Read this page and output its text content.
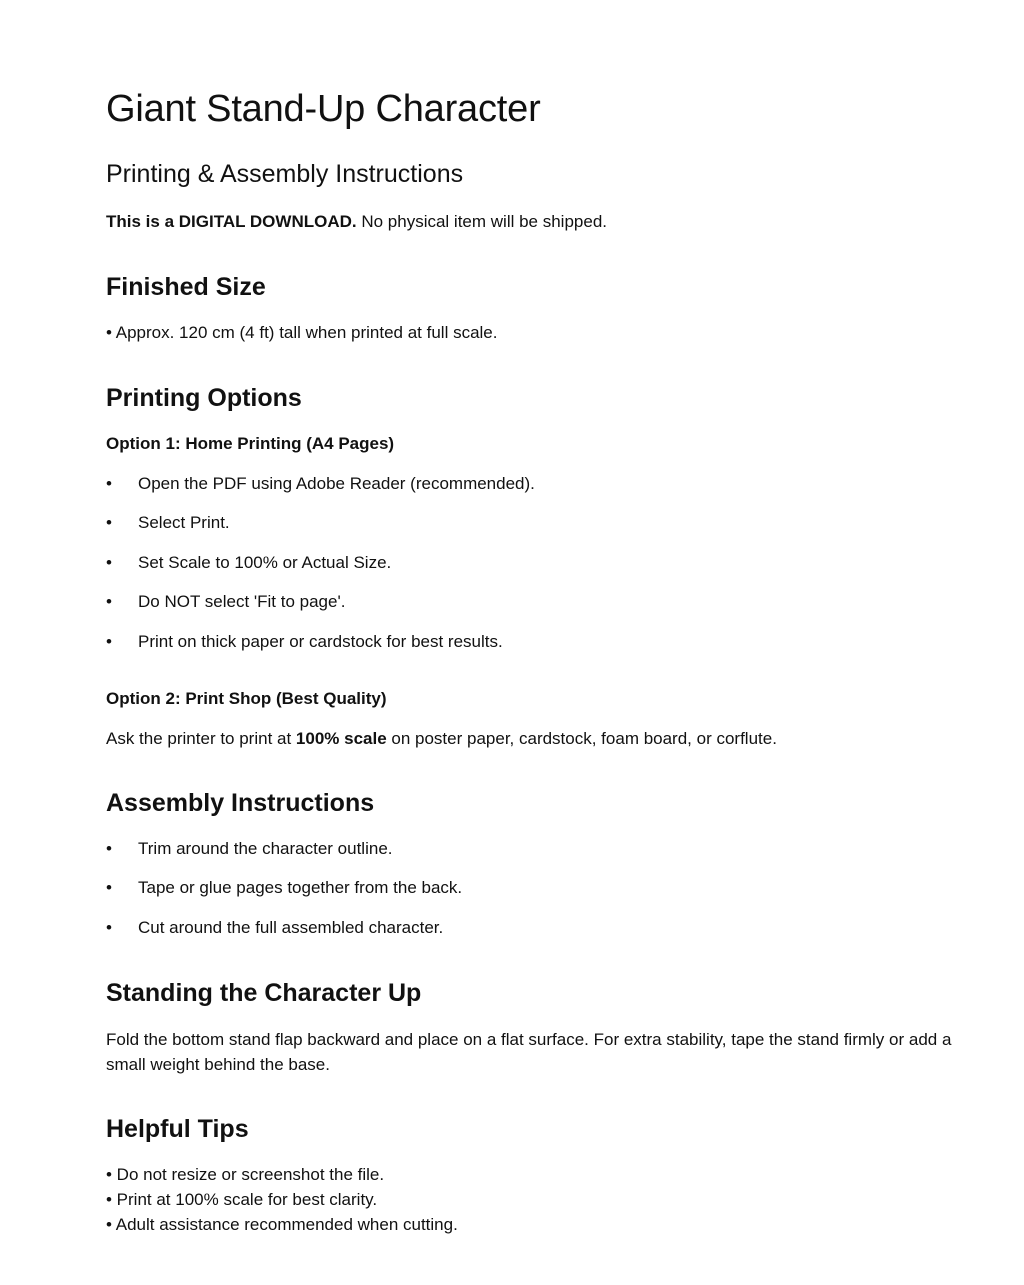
Giant Stand-Up Character
Printing & Assembly Instructions
This is a DIGITAL DOWNLOAD. No physical item will be shipped.
Finished Size
• Approx. 120 cm (4 ft) tall when printed at full scale.
Printing Options
Option 1: Home Printing (A4 Pages)
• Open the PDF using Adobe Reader (recommended).
• Select Print.
• Set Scale to 100% or Actual Size.
• Do NOT select 'Fit to page'.
• Print on thick paper or cardstock for best results.
Option 2: Print Shop (Best Quality)
Ask the printer to print at 100% scale on poster paper, cardstock, foam board, or corflute.
Assembly Instructions
• Trim around the character outline.
• Tape or glue pages together from the back.
• Cut around the full assembled character.
Standing the Character Up
Fold the bottom stand flap backward and place on a flat surface. For extra stability, tape the stand firmly or add a small weight behind the base.
Helpful Tips
• Do not resize or screenshot the file.
• Print at 100% scale for best clarity.
• Adult assistance recommended when cutting.
